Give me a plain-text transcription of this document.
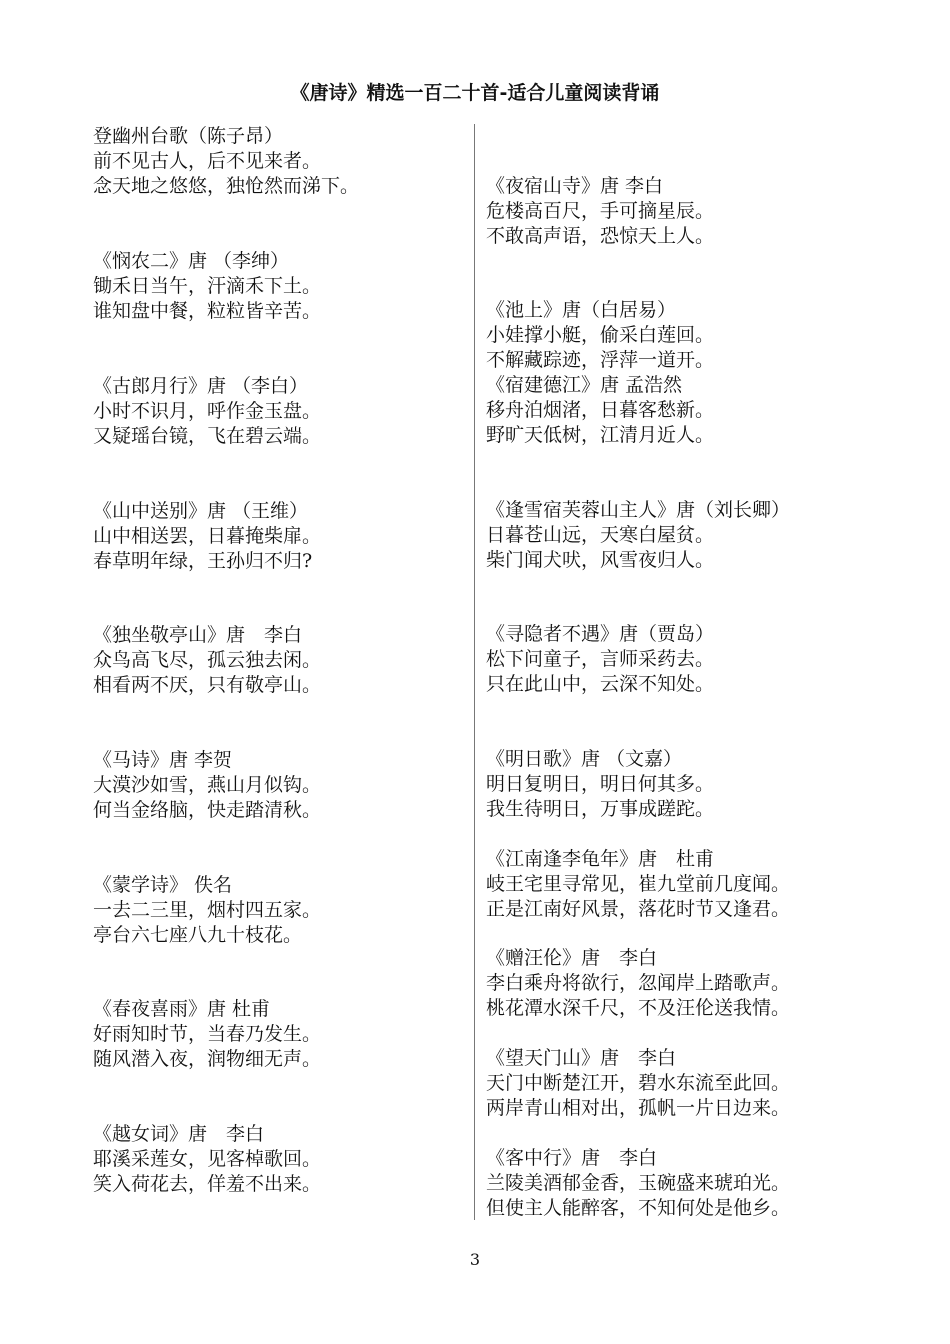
《唐诗》精选一百二十首-适合儿童阅读背诵
登幽州台歌（陈子昂）
前不见古人，后不见来者。
念天地之悠悠，独怆然而涕下。
《悯农二》唐 （李绅）
锄禾日当午，汗滴禾下土。
谁知盘中餐，粒粒皆辛苦。
《古郎月行》唐 （李白）
小时不识月，呼作金玉盘。
又疑瑶台镜，飞在碧云端。
《山中送别》唐 （王维）
山中相送罢，日暮掩柴扉。
春草明年绿，王孙归不归?
《独坐敬亭山》唐　李白
众鸟高飞尽，孤云独去闲。
相看两不厌，只有敬亭山。
《马诗》唐 李贺
大漠沙如雪，燕山月似钩。
何当金络脑，快走踏清秋。
《蒙学诗》 佚名
一去二三里，烟村四五家。
亭台六七座八九十枝花。
《春夜喜雨》唐 杜甫
好雨知时节，当春乃发生。
随风潜入夜，润物细无声。
《越女词》唐　李白
耶溪采莲女，见客棹歌回。
笑入荷花去，佯羞不出来。
《夜宿山寺》唐 李白
危楼高百尺，手可摘星辰。
不敢高声语，恐惊天上人。
《池上》唐（白居易）
小娃撑小艇，偷采白莲回。
不解藏踪迹，浮萍一道开。
《宿建德江》唐 孟浩然
移舟泊烟渚，日暮客愁新。
野旷天低树，江清月近人。
《逢雪宿芙蓉山主人》唐（刘长卿）
日暮苍山远，天寒白屋贫。
柴门闻犬吠，风雪夜归人。
《寻隐者不遇》唐（贾岛）
松下问童子，言师采药去。
只在此山中，云深不知处。
《明日歌》唐 （文嘉）
明日复明日，明日何其多。
我生待明日，万事成蹉跎。
《江南逢李龟年》唐　杜甫
岐王宅里寻常见，崔九堂前几度闻。
正是江南好风景，落花时节又逢君。
《赠汪伦》唐　李白
李白乘舟将欲行，忽闻岸上踏歌声。
桃花潭水深千尺，不及汪伦送我情。
《望天门山》唐　李白
天门中断楚江开，碧水东流至此回。
两岸青山相对出，孤帆一片日边来。
《客中行》唐　李白
兰陵美酒郁金香，玉碗盛来琥珀光。
但使主人能醉客，不知何处是他乡。
3
